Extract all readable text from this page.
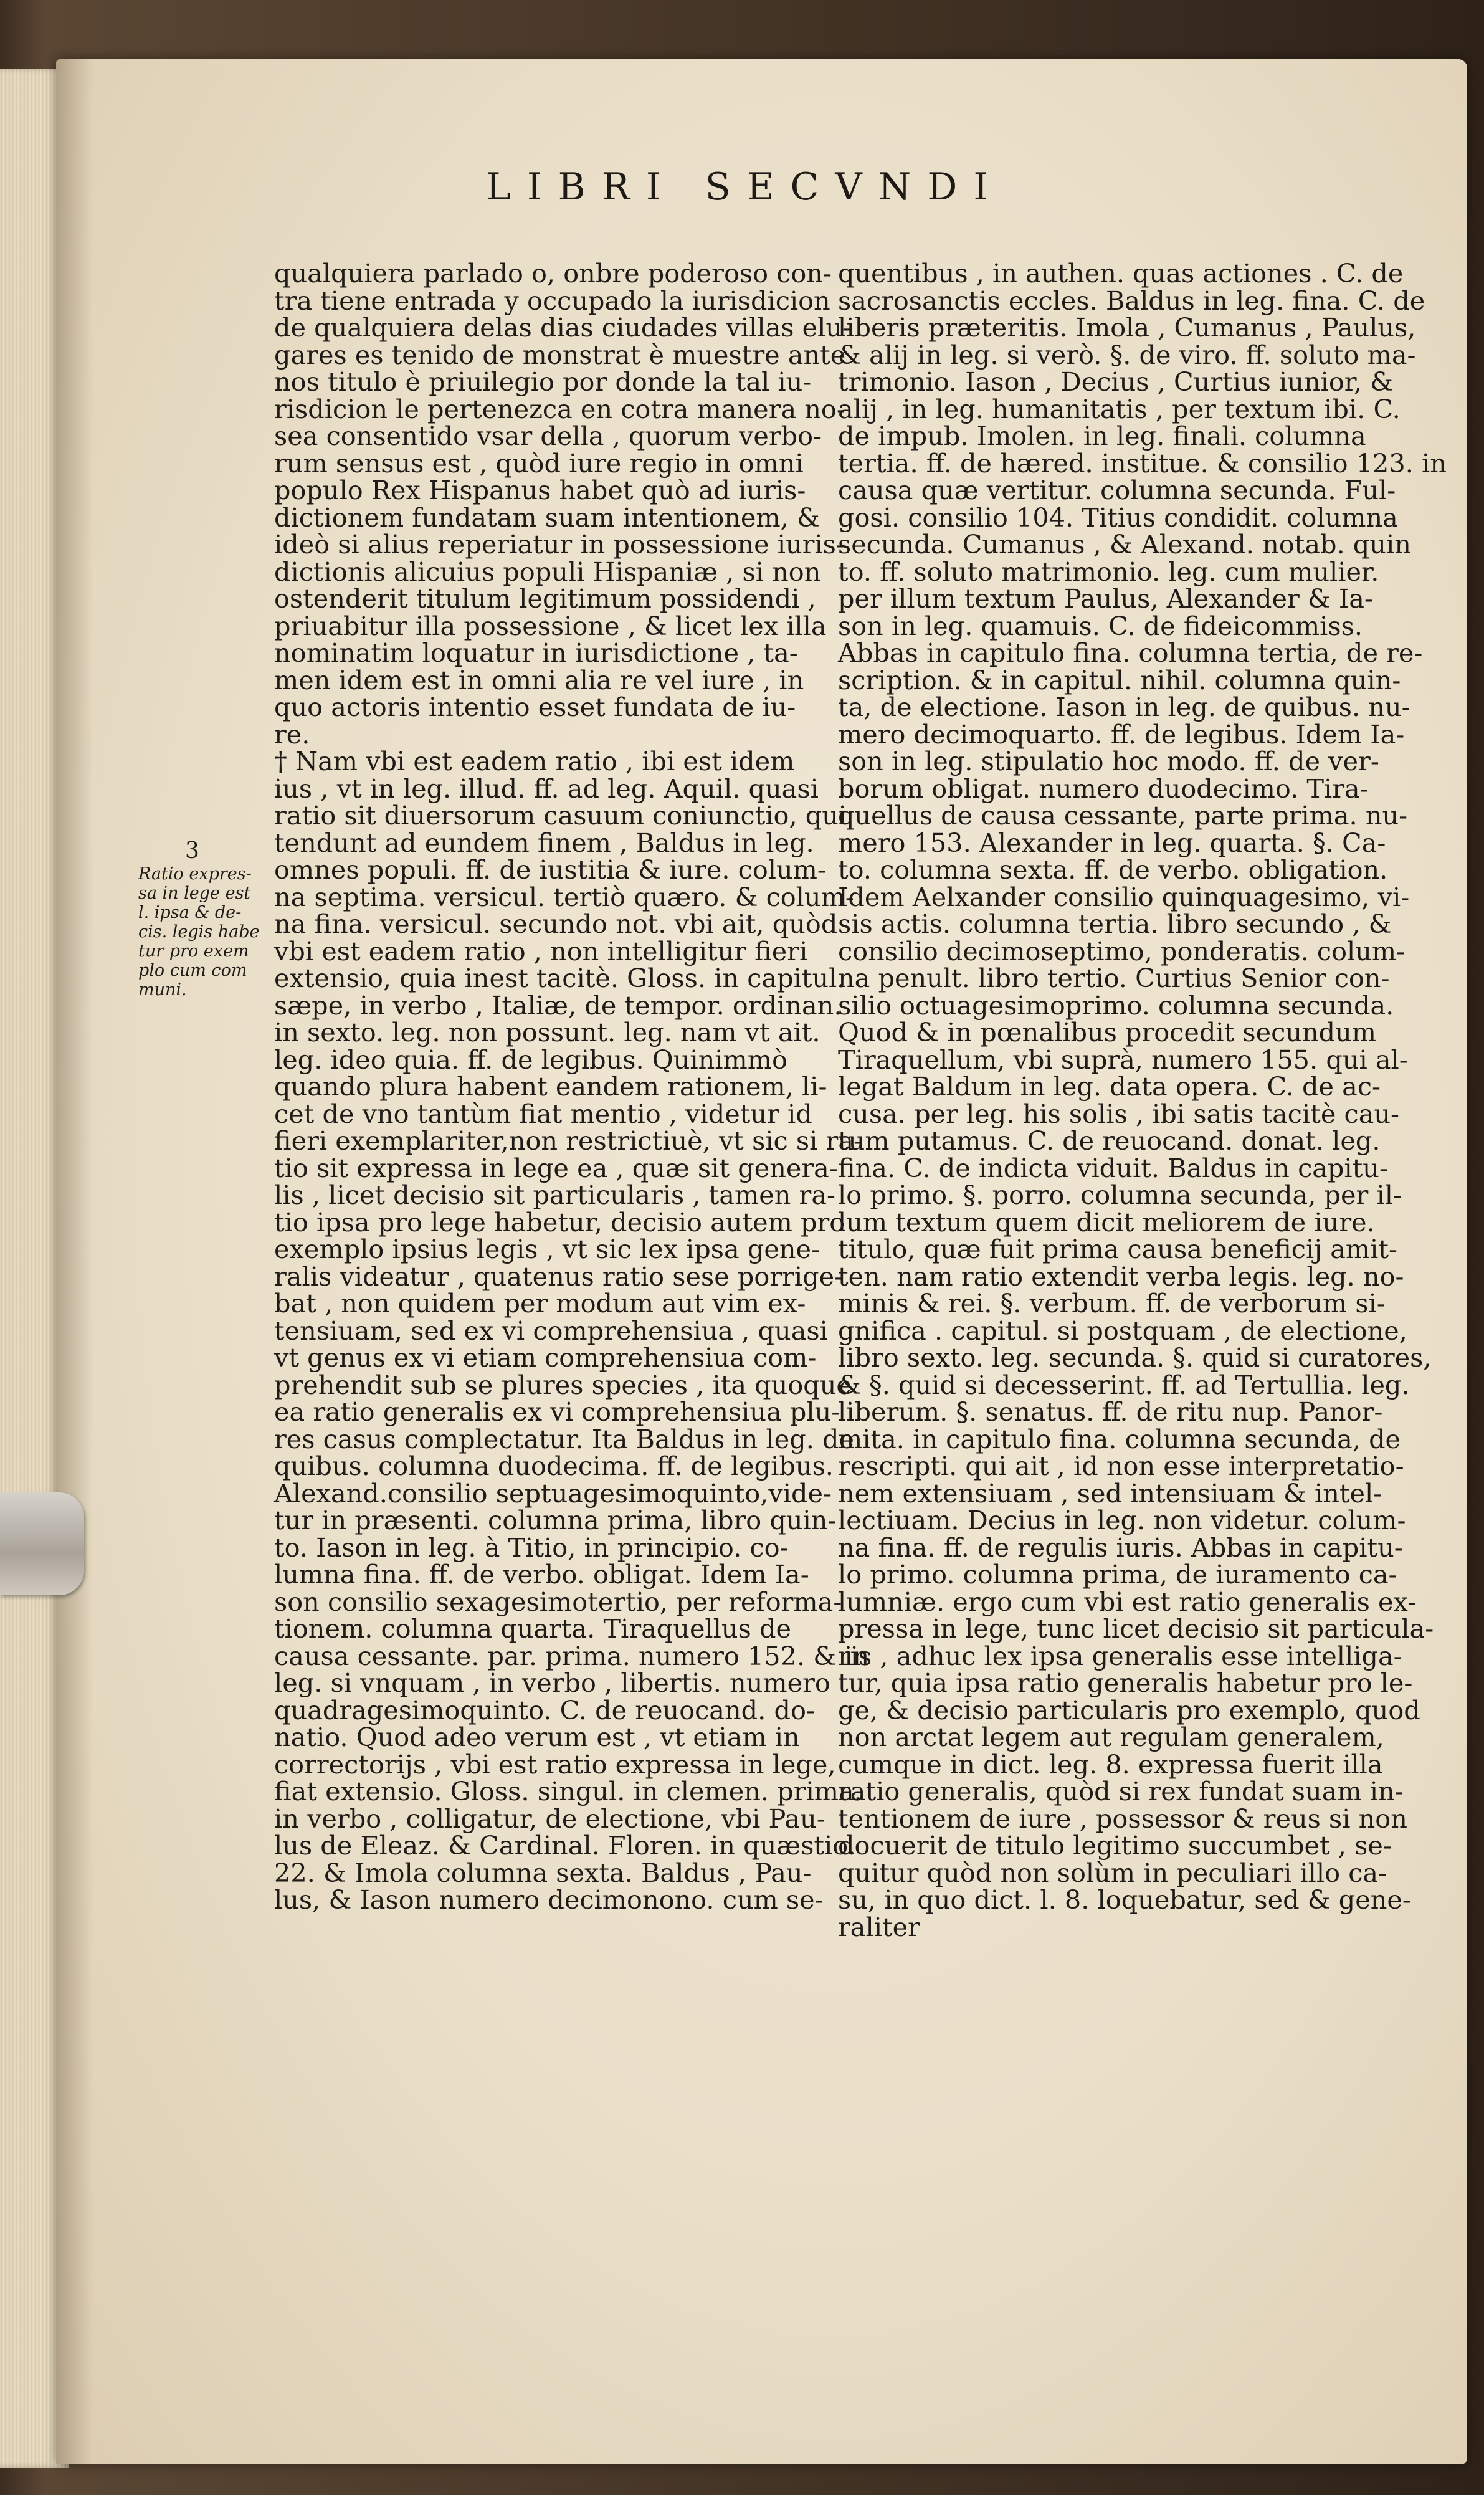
LIBRI SECVNDI
3
Ratio expres-
sa in lege est
l. ipsa & de-
cis. legis habe
tur pro exem
plo cum com
muni.
qualquiera parlado o, onbre poderoso con-
tra tiene entrada y occupado la iurisdicion
de qualquiera delas dias ciudades villas elu-
gares es tenido de monstrat è muestre ante
nos titulo è priuilegio por donde la tal iu-
risdicion le pertenezca en cotra manera no-
sea consentido vsar della , quorum verbo-
rum sensus est , quòd iure regio in omni
populo Rex Hispanus habet quò ad iuris-
dictionem fundatam suam intentionem, &
ideò si alius reperiatur in possessione iuris-
dictionis alicuius populi Hispaniæ , si non
ostenderit titulum legitimum possidendi ,
priuabitur illa possessione , & licet lex illa
nominatim loquatur in iurisdictione , ta-
men idem est in omni alia re vel iure , in
quo actoris intentio esset fundata de iu-
re.
† Nam vbi est eadem ratio , ibi est idem
ius , vt in leg. illud. ff. ad leg. Aquil. quasi
ratio sit diuersorum casuum coniunctio, qui
tendunt ad eundem finem , Baldus in leg.
omnes populi. ff. de iustitia & iure. colum-
na septima. versicul. tertiò quæro. & colum-
na fina. versicul. secundo not. vbi ait, quòd
vbi est eadem ratio , non intelligitur fieri
extensio, quia inest tacitè. Gloss. in capitul.
sæpe, in verbo , Italiæ, de tempor. ordinan.
in sexto. leg. non possunt. leg. nam vt ait.
leg. ideo quia. ff. de legibus. Quinimmò
quando plura habent eandem rationem, li-
cet de vno tantùm fiat mentio , videtur id
fieri exemplariter,non restrictiuè, vt sic si ra-
tio sit expressa in lege ea , quæ sit genera-
lis , licet decisio sit particularis , tamen ra-
tio ipsa pro lege habetur, decisio autem pro
exemplo ipsius legis , vt sic lex ipsa gene-
ralis videatur , quatenus ratio sese porrige-
bat , non quidem per modum aut vim ex-
tensiuam, sed ex vi comprehensiua , quasi
vt genus ex vi etiam comprehensiua com-
prehendit sub se plures species , ita quoque
ea ratio generalis ex vi comprehensiua plu-
res casus complectatur. Ita Baldus in leg. de
quibus. columna duodecima. ff. de legibus.
Alexand.consilio septuagesimoquinto,vide-
tur in præsenti. columna prima, libro quin-
to. Iason in leg. à Titio, in principio. co-
lumna fina. ff. de verbo. obligat. Idem Ia-
son consilio sexagesimotertio, per reforma-
tionem. columna quarta. Tiraquellus de
causa cessante. par. prima. numero 152. & in
leg. si vnquam , in verbo , libertis. numero
quadragesimoquinto. C. de reuocand. do-
natio. Quod adeo verum est , vt etiam in
correctorijs , vbi est ratio expressa in lege,
fiat extensio. Gloss. singul. in clemen. prima.
in verbo , colligatur, de electione, vbi Pau-
lus de Eleaz. & Cardinal. Floren. in quæstio.
22. & Imola columna sexta. Baldus , Pau-
lus, & Iason numero decimonono. cum se-
quentibus , in authen. quas actiones . C. de
sacrosanctis eccles. Baldus in leg. fina. C. de
liberis præteritis. Imola , Cumanus , Paulus,
& alij in leg. si verò. §. de viro. ff. soluto ma-
trimonio. Iason , Decius , Curtius iunior, &
alij , in leg. humanitatis , per textum ibi. C.
de impub. Imolen. in leg. finali. columna
tertia. ff. de hæred. institue. & consilio 123. in
causa quæ vertitur. columna secunda. Ful-
gosi. consilio 104. Titius condidit. columna
secunda. Cumanus , & Alexand. notab. quin
to. ff. soluto matrimonio. leg. cum mulier.
per illum textum Paulus, Alexander & Ia-
son in leg. quamuis. C. de fideicommiss.
Abbas in capitulo fina. columna tertia, de re-
scription. & in capitul. nihil. columna quin-
ta, de electione. Iason in leg. de quibus. nu-
mero decimoquarto. ff. de legibus. Idem Ia-
son in leg. stipulatio hoc modo. ff. de ver-
borum obligat. numero duodecimo. Tira-
quellus de causa cessante, parte prima. nu-
mero 153. Alexander in leg. quarta. §. Ca-
to. columna sexta. ff. de verbo. obligation.
Idem Aelxander consilio quinquagesimo, vi-
sis actis. columna tertia. libro secundo , &
consilio decimoseptimo, ponderatis. colum-
na penult. libro tertio. Curtius Senior con-
silio octuagesimoprimo. columna secunda.
Quod & in pœnalibus procedit secundum
Tiraquellum, vbi suprà, numero 155. qui al-
legat Baldum in leg. data opera. C. de ac-
cusa. per leg. his solis , ibi satis tacitè cau-
tum putamus. C. de reuocand. donat. leg.
fina. C. de indicta viduit. Baldus in capitu-
lo primo. §. porro. columna secunda, per il-
lum textum quem dicit meliorem de iure.
titulo, quæ fuit prima causa beneficij amit-
ten. nam ratio extendit verba legis. leg. no-
minis & rei. §. verbum. ff. de verborum si-
gnifica . capitul. si postquam , de electione,
libro sexto. leg. secunda. §. quid si curatores,
& §. quid si decesserint. ff. ad Tertullia. leg.
liberum. §. senatus. ff. de ritu nup. Panor-
mita. in capitulo fina. columna secunda, de
rescripti. qui ait , id non esse interpretatio-
nem extensiuam , sed intensiuam & intel-
lectiuam. Decius in leg. non videtur. colum-
na fina. ff. de regulis iuris. Abbas in capitu-
lo primo. columna prima, de iuramento ca-
lumniæ. ergo cum vbi est ratio generalis ex-
pressa in lege, tunc licet decisio sit particula-
ris , adhuc lex ipsa generalis esse intelliga-
tur, quia ipsa ratio generalis habetur pro le-
ge, & decisio particularis pro exemplo, quod
non arctat legem aut regulam generalem,
cumque in dict. leg. 8. expressa fuerit illa
ratio generalis, quòd si rex fundat suam in-
tentionem de iure , possessor & reus si non
docuerit de titulo legitimo succumbet , se-
quitur quòd non solùm in peculiari illo ca-
su, in quo dict. l. 8. loquebatur, sed & gene-
raliter
